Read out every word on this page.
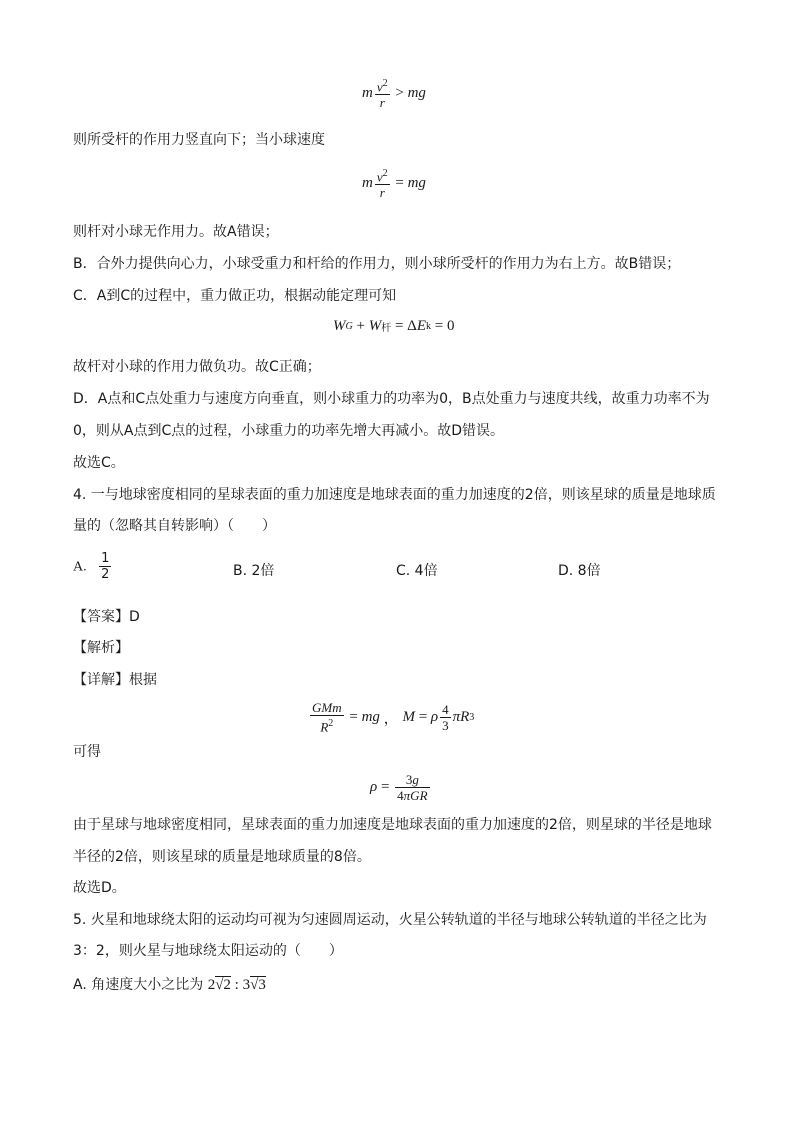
m $\frac{v^2}{r}$ > mg
则所受杆的作用力竖直向下；当小球速度
m $\frac{v^2}{r}$ = mg
则杆对小球无作用力。故A错误；
B．合外力提供向心力，小球受重力和杆给的作用力，则小球所受杆的作用力为右上方。故B错误；
C．A到C的过程中，重力做正功，根据动能定理可知
W G + W 杆 = Δ E k = 0
故杆对小球的作用力做负功。故C正确；
D．A点和C点处重力与速度方向垂直，则小球重力的功率为0，B点处重力与速度共线，故重力功率不为
0，则从A点到C点的过程，小球重力的功率先增大再减小。故D错误。
故选C。
4. 一与地球密度相同的星球表面的重力加速度是地球表面的重力加速度的2倍，则该星球的质量是地球质
量的（忽略其自转影响）（　　）
A. $\frac{1}{2}$	B. 2倍	C. 4倍	D. 8倍
【答案】D
【解析】
【详解】根据
$\frac{\text{GMm}}{R^2}$ = mg ， M = ρ $\frac{4}{3}$ πR 3
可得
$\rho = \frac{3g}{\text{4πGR}}$
由于星球与地球密度相同，星球表面的重力加速度是地球表面的重力加速度的2倍，则星球的半径是地球
半径的2倍，则该星球的质量是地球质量的8倍。
故选D。
5. 火星和地球绕太阳的运动均可视为匀速圆周运动，火星公转轨道的半径与地球公转轨道的半径之比为
3：2，则火星与地球绕太阳运动的（　　）
A. 角速度大小之比为 2√2 : 3√3
